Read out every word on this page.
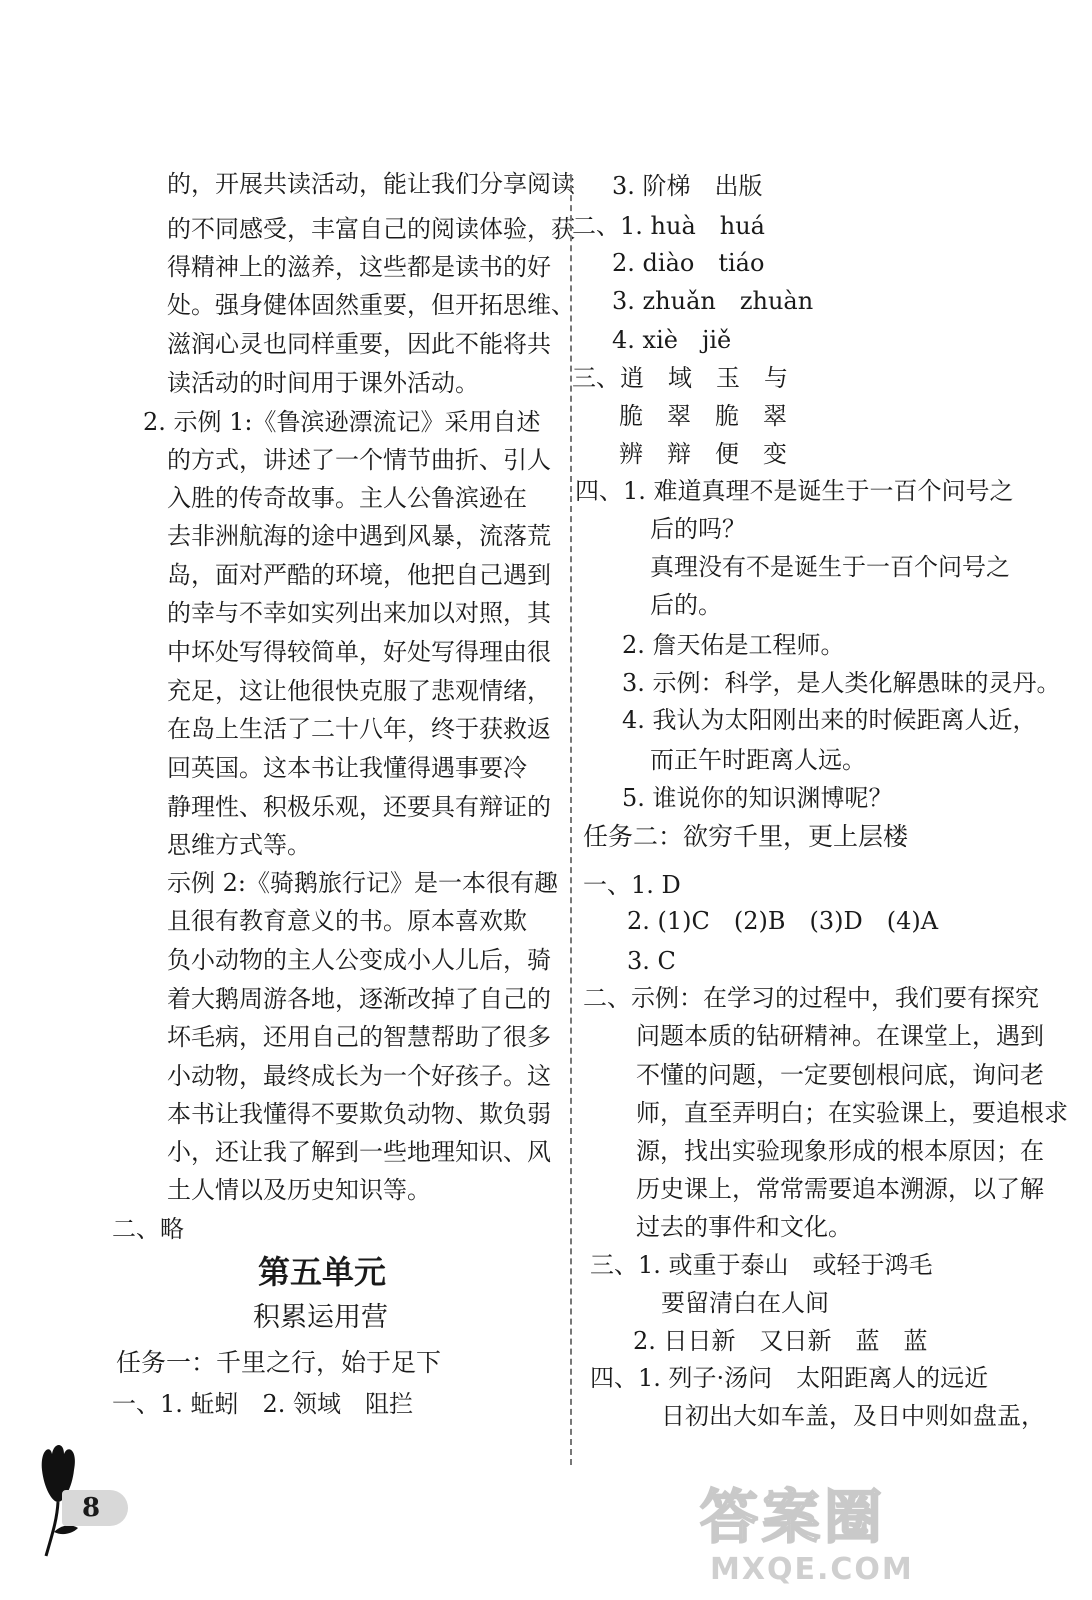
的，开展共读活动，能让我们分享阅读
的不同感受，丰富自己的阅读体验，获
得精神上的滋养，这些都是读书的好
处。强身健体固然重要，但开拓思维、
滋润心灵也同样重要，因此不能将共
读活动的时间用于课外活动。
2. 示例 1:《鲁滨逊漂流记》采用自述
的方式，讲述了一个情节曲折、引人
入胜的传奇故事。主人公鲁滨逊在
去非洲航海的途中遇到风暴，流落荒
岛，面对严酷的环境，他把自己遇到
的幸与不幸如实列出来加以对照，其
中坏处写得较简单，好处写得理由很
充足，这让他很快克服了悲观情绪，
在岛上生活了二十八年，终于获救返
回英国。这本书让我懂得遇事要冷
静理性、积极乐观，还要具有辩证的
思维方式等。
示例 2:《骑鹅旅行记》是一本很有趣
且很有教育意义的书。原本喜欢欺
负小动物的主人公变成小人儿后，骑
着大鹅周游各地，逐渐改掉了自己的
坏毛病，还用自己的智慧帮助了很多
小动物，最终成长为一个好孩子。这
本书让我懂得不要欺负动物、欺负弱
小，还让我了解到一些地理知识、风
土人情以及历史知识等。
二、略
第五单元
积累运用营
任务一：千里之行，始于足下
一、1. 蚯蚓　2. 领域　阻拦
3. 阶梯　出版
二、1. huà　huá
2. diào　tiáo
3. zhuǎn　zhuàn
4. xiè　jiě
三、逍　域　玉　与
脆　翠　脆　翠
辨　辩　便　变
四、1. 难道真理不是诞生于一百个问号之
后的吗？
真理没有不是诞生于一百个问号之
后的。
2. 詹天佑是工程师。
3. 示例：科学，是人类化解愚昧的灵丹。
4. 我认为太阳刚出来的时候距离人近，
而正午时距离人远。
5. 谁说你的知识渊博呢？
任务二：欲穷千里，更上层楼
一、1. D
2. (1)C　(2)B　(3)D　(4)A
3. C
二、示例：在学习的过程中，我们要有探究
问题本质的钻研精神。在课堂上，遇到
不懂的问题，一定要刨根问底，询问老
师，直至弄明白；在实验课上，要追根求
源，找出实验现象形成的根本原因；在
历史课上，常常需要追本溯源，以了解
过去的事件和文化。
三、1. 或重于泰山　或轻于鸿毛
要留清白在人间
2. 日日新　又日新　蓝　蓝
四、1. 列子·汤问　太阳距离人的远近
日初出大如车盖，及日中则如盘盂，
8	答案圈
MXQE.COM
